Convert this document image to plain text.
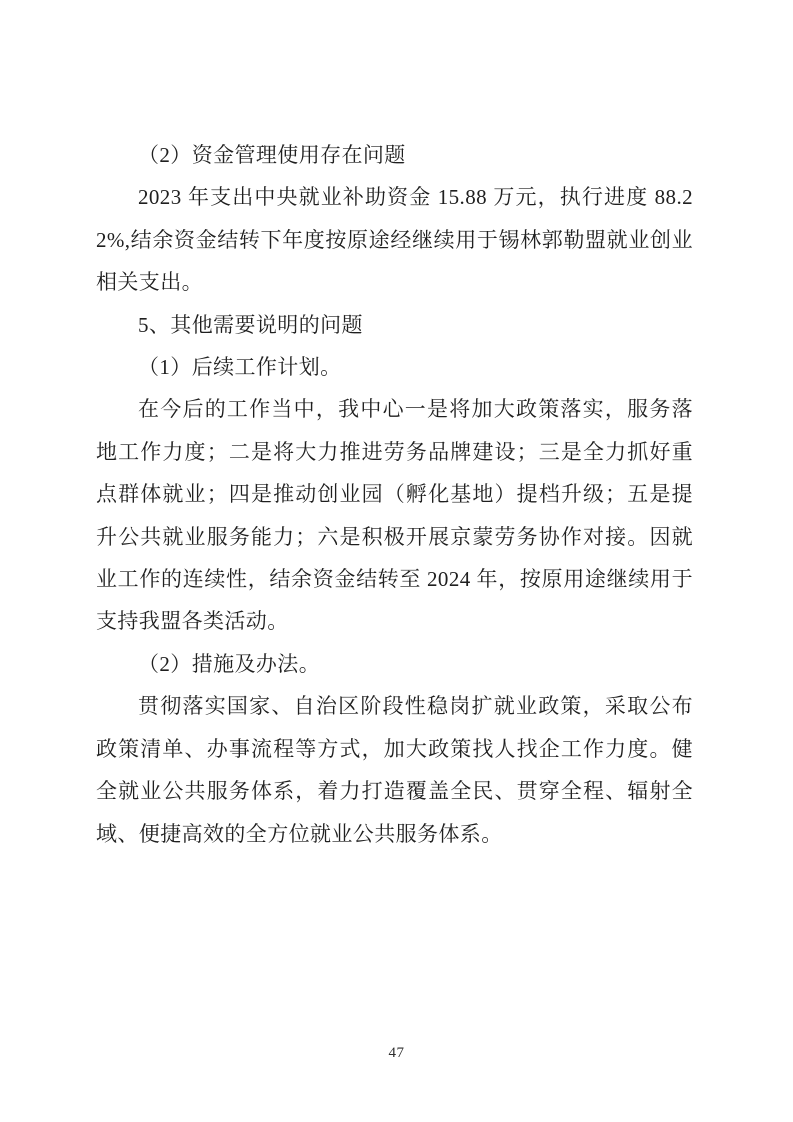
（2）资金管理使用存在问题

2023 年支出中央就业补助资金 15.88 万元，执行进度 88.22%,结余资金结转下年度按原途经继续用于锡林郭勒盟就业创业相关支出。

5、其他需要说明的问题

（1）后续工作计划。

在今后的工作当中，我中心一是将加大政策落实，服务落地工作力度；二是将大力推进劳务品牌建设；三是全力抓好重点群体就业；四是推动创业园（孵化基地）提档升级；五是提升公共就业服务能力；六是积极开展京蒙劳务协作对接。因就业工作的连续性，结余资金结转至 2024 年，按原用途继续用于支持我盟各类活动。

（2）措施及办法。

贯彻落实国家、自治区阶段性稳岗扩就业政策，采取公布政策清单、办事流程等方式，加大政策找人找企工作力度。健全就业公共服务体系，着力打造覆盖全民、贯穿全程、辐射全域、便捷高效的全方位就业公共服务体系。

47
